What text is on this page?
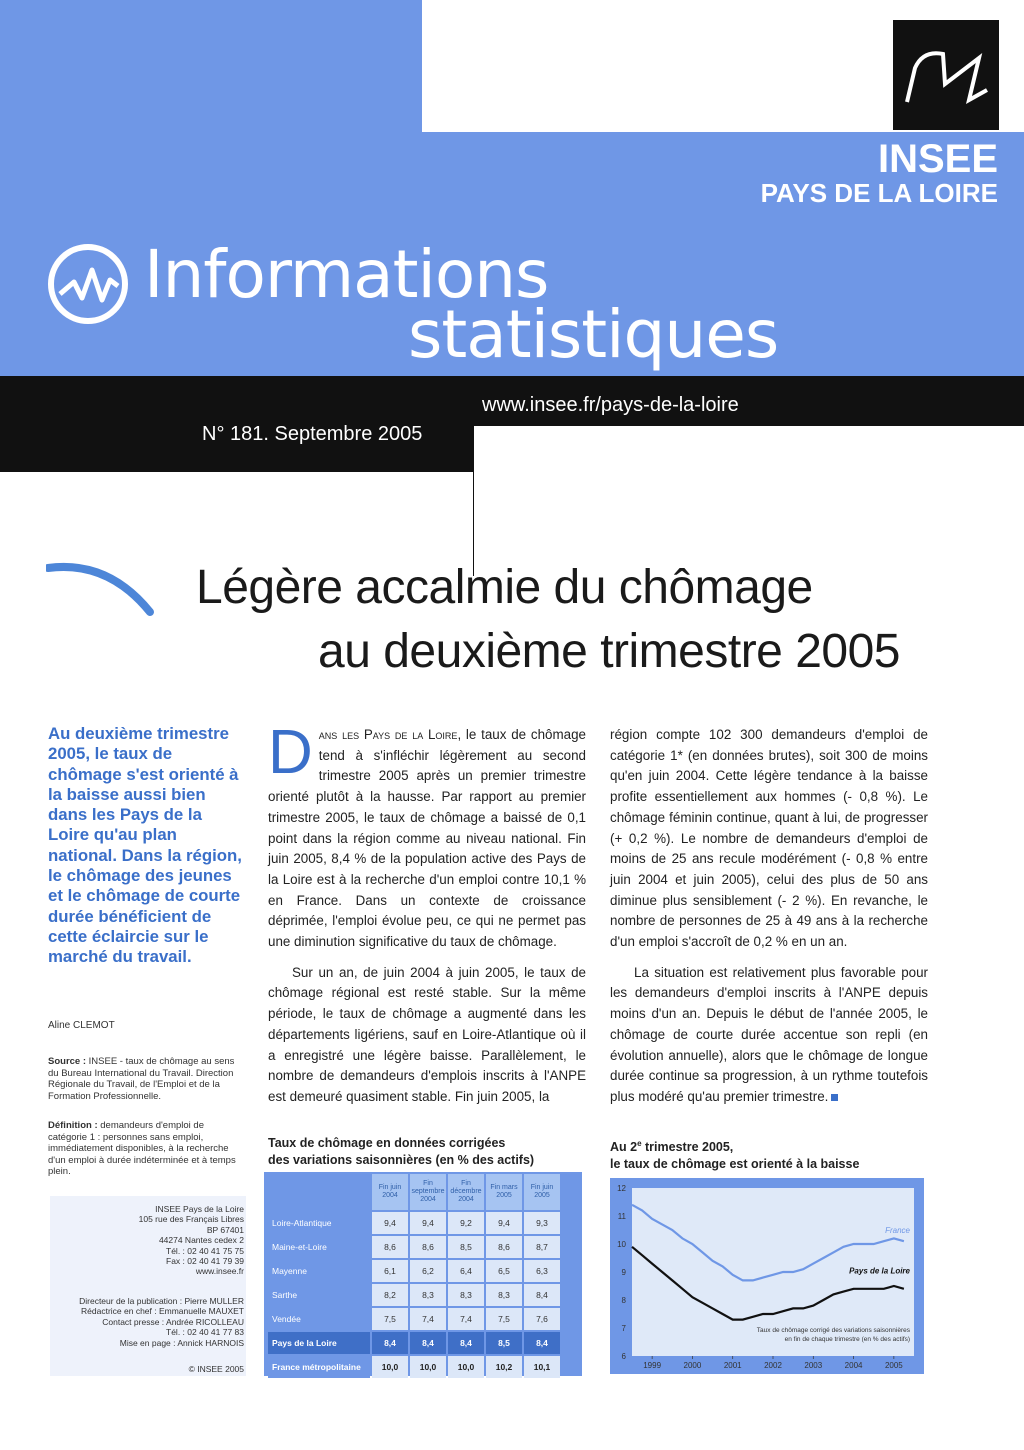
INSEE
PAYS DE LA LOIRE
Informations
statistiques
www.insee.fr/pays-de-la-loire
N° 181. Septembre 2005
Légère accalmie du chômage
au deuxième trimestre 2005
Au deuxième trimestre 2005, le taux de chômage s'est orienté à la baisse aussi bien dans les Pays de la Loire qu'au plan national. Dans la région, le chômage des jeunes et le chômage de courte durée bénéficient de cette éclaircie sur le marché du travail.
Aline CLEMOT
Source : INSEE - taux de chômage au sens du Bureau International du Travail. Direction Régionale du Travail, de l'Emploi et de la Formation Professionnelle.
Définition : demandeurs d'emploi de catégorie 1 : personnes sans emploi, immédiatement disponibles, à la recherche d'un emploi à durée indéterminée et à temps plein.
INSEE Pays de la Loire
105 rue des Français Libres
BP 67401
44274 Nantes cedex 2
Tél. : 02 40 41 75 75
Fax : 02 40 41 79 39
www.insee.fr
Directeur de la publication : Pierre MULLER
Rédactrice en chef : Emmanuelle MAUXET
Contact presse : Andrée RICOLLEAU
Tél. : 02 40 41 77 83
Mise en page : Annick HARNOIS
© INSEE 2005

Dans les Pays de la Loire, le taux de chômage tend à s'infléchir légèrement au second trimestre 2005 après un premier trimestre orienté plutôt à la hausse. Par rapport au premier trimestre 2005, le taux de chômage a baissé de 0,1 point dans la région comme au niveau national. Fin juin 2005, 8,4 % de la population active des Pays de la Loire est à la recherche d'un emploi contre 10,1 % en France. Dans un contexte de croissance déprimée, l'emploi évolue peu, ce qui ne permet pas une diminution significative du taux de chômage.

Sur un an, de juin 2004 à juin 2005, le taux de chômage régional est resté stable. Sur la même période, le taux de chômage a augmenté dans les départements ligériens, sauf en Loire-Atlantique où il a enregistré une légère baisse. Parallèlement, le nombre de demandeurs d'emplois inscrits à l'ANPE est demeuré quasiment stable. Fin juin 2005, la

région compte 102 300 demandeurs d'emploi de catégorie 1* (en données brutes), soit 300 de moins qu'en juin 2004. Cette légère tendance à la baisse profite essentiellement aux hommes (- 0,8 %). Le chômage féminin continue, quant à lui, de progresser (+ 0,2 %). Le nombre de demandeurs d'emploi de moins de 25 ans recule modérément (- 0,8 % entre juin 2004 et juin 2005), celui des plus de 50 ans diminue plus sensiblement (- 2 %). En revanche, le nombre de personnes de 25 à 49 ans à la recherche d'un emploi s'accroît de 0,2 % en un an.

La situation est relativement plus favorable pour les demandeurs d'emploi inscrits à l'ANPE depuis moins d'un an. Depuis le début de l'année 2005, le chômage de courte durée accentue son repli (en évolution annuelle), alors que le chômage de longue durée continue sa progression, à un rythme toutefois plus modéré qu'au premier trimestre.

Taux de chômage en données corrigées
des variations saisonnières (en % des actifs)
	Fin juin 2004	Fin septembre 2004	Fin décembre 2004	Fin mars 2005	Fin juin 2005
Loire-Atlantique	9,4	9,4	9,2	9,4	9,3
Maine-et-Loire	8,6	8,6	8,5	8,6	8,7
Mayenne	6,1	6,2	6,4	6,5	6,3
Sarthe	8,2	8,3	8,3	8,3	8,4
Vendée	7,5	7,4	7,4	7,5	7,6
Pays de la Loire	8,4	8,4	8,4	8,5	8,4
France métropolitaine	10,0	10,0	10,0	10,2	10,1
Au 2e trimestre 2005,
le taux de chômage est orienté à la baisse
6
7
8
9
10
11
12
1999	2000	2001	2002	2003	2004	2005
France
Pays de la Loire
Taux de chômage corrigé des variations saisonnières
en fin de chaque trimestre (en % des actifs)
